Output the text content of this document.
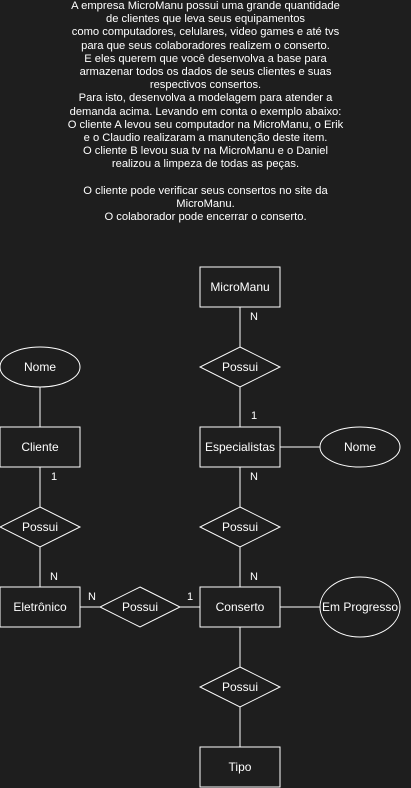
A empresa MicroManu possui uma grande quantidade
de clientes que leva seus equipamentos
como computadores, celulares, video games e até tvs
para que seus colaboradores realizem o conserto.
E eles querem que você desenvolva a base para
armazenar todos os dados de seus clientes e suas
respectivos consertos.
Para isto, desenvolva a modelagem para atender a
demanda acima. Levando em conta o exemplo abaixo:
O cliente A levou seu computador na MicroManu, o Erik
e o Claudio realizaram a manutenção deste item.
O cliente B levou sua tv na MicroManu e o Daniel
realizou a limpeza de todas as peças.
O cliente pode verificar seus consertos no site da
MicroManu.
O colaborador pode encerrar o conserto.
MicroManu
Cliente	Especialistas
Eletrônico	Conserto
Tipo
Nome
Nome
Em Progresso
Possui
Possui	Possui
Possui
Possui
N
1
N
N
1
N
N	1
